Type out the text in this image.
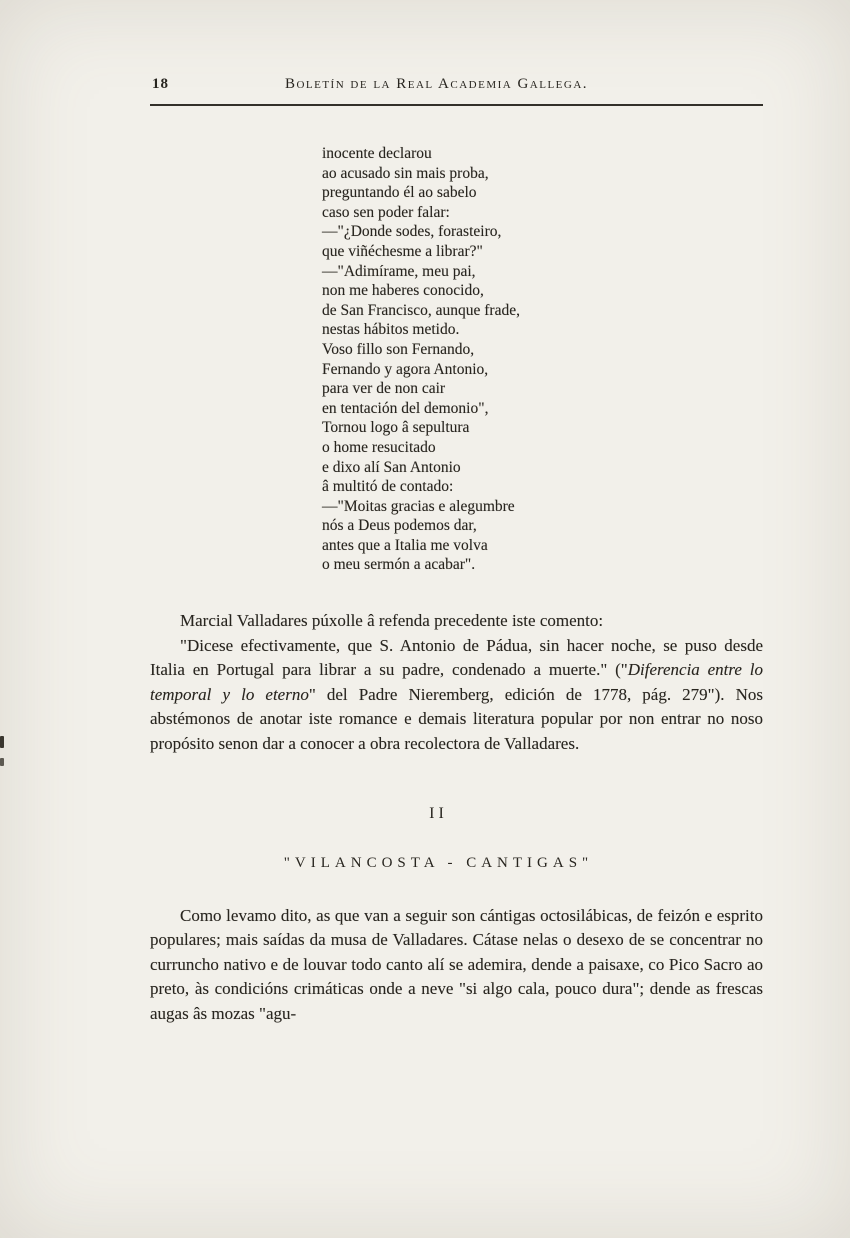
18	Boletín de la Real Academia Gallega.
inocente declarou
ao acusado sin mais proba,
preguntando él ao sabelo
caso sen poder falar:
—"¿Donde sodes, forasteiro,
que viñéchesme a librar?"
—"Adimírame, meu pai,
non me haberes conocido,
de San Francisco, aunque frade,
nestas hábitos metido.
Voso fillo son Fernando,
Fernando y agora Antonio,
para ver de non cair
en tentación del demonio",
Tornou logo â sepultura
o home resucitado
e dixo alí San Antonio
â multitó de contado:
—"Moitas gracias e alegumbre
nós a Deus podemos dar,
antes que a Italia me volva
o meu sermón a acabar".

Marcial Valladares púxolle â refenda precedente iste comento:

"Dicese efectivamente, que S. Antonio de Pádua, sin hacer noche, se puso desde Italia en Portugal para librar a su padre, condenado a muerte." ("Diferencia entre lo temporal y lo eterno" del Padre Nieremberg, edición de 1778, pág. 279"). Nos abstémonos de anotar iste romance e demais literatura popular por non entrar no noso propósito senon dar a conocer a obra recolectora de Valladares.

II
"VILANCOSTA - CANTIGAS"

Como levamo dito, as que van a seguir son cántigas octosilábicas, de feizón e esprito populares; mais saídas da musa de Valladares. Cátase nelas o desexo de se concentrar no curruncho nativo e de louvar todo canto alí se ademira, dende a paisaxe, co Pico Sacro ao preto, às condicións crimáticas onde a neve "si algo cala, pouco dura"; dende as frescas augas âs mozas "agu-
